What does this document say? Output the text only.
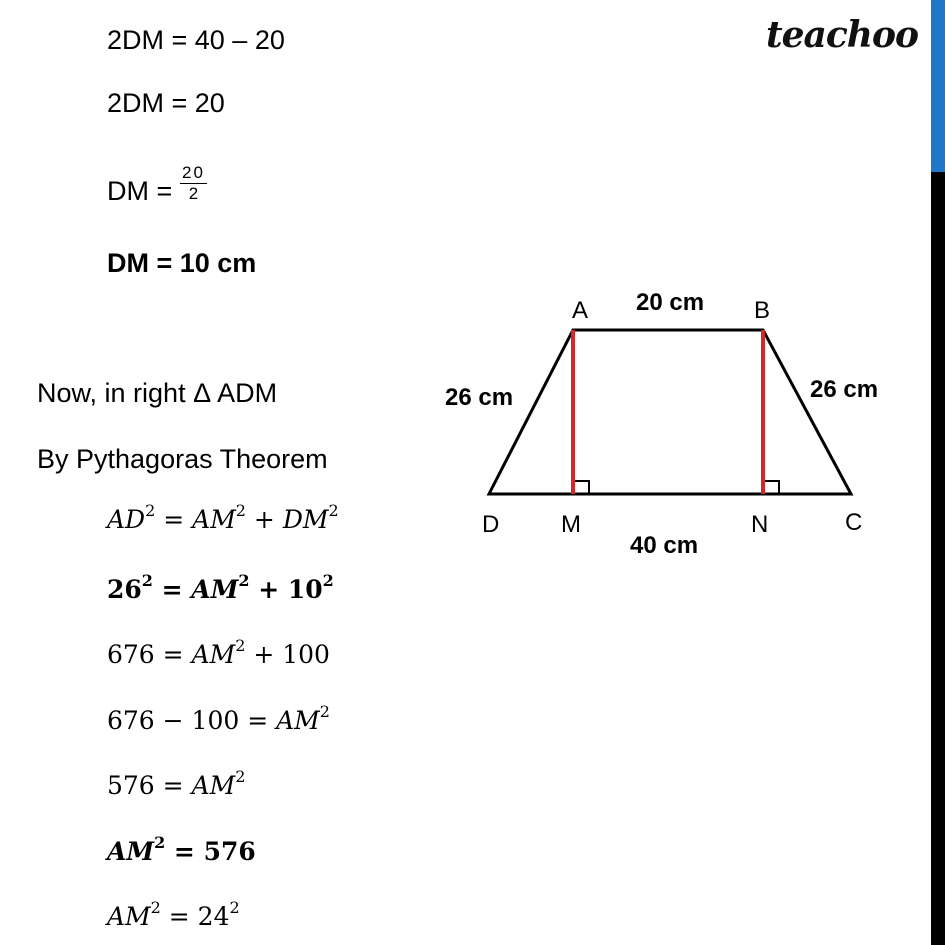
teachoo
2DM = 40 – 20
2DM = 20
DM = $\frac{20}{2}$
DM = 10 cm
Now, in right Δ ADM
By Pythagoras Theorem
$AD^2 = AM^2 + DM^2$
$26^2 = AM^2 + 10^2$
$676 = AM^2 + 100$
$676 - 100 = AM^2$
$576 = AM^2$
$AM^2 = 576$
$AM^2 = 24^2$
A	B
C
D	M	N
20 cm
26 cm	26 cm
40 cm
